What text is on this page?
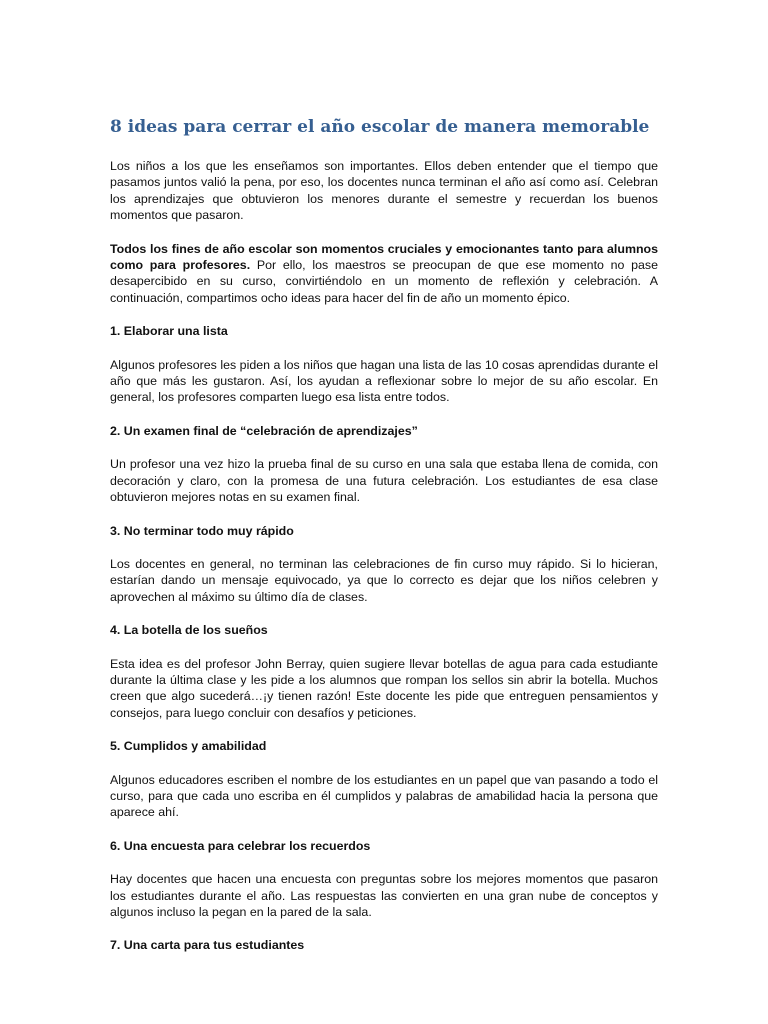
8 ideas para cerrar el año escolar de manera memorable

Los niños a los que les enseñamos son importantes. Ellos deben entender que el tiempo que pasamos juntos valió la pena, por eso, los docentes nunca terminan el año así como así. Celebran los aprendizajes que obtuvieron los menores durante el semestre y recuerdan los buenos momentos que pasaron.

Todos los fines de año escolar son momentos cruciales y emocionantes tanto para alumnos como para profesores. Por ello, los maestros se preocupan de que ese momento no pase desapercibido en su curso, convirtiéndolo en un momento de reflexión y celebración. A continuación, compartimos ocho ideas para hacer del fin de año un momento épico.

1. Elaborar una lista

Algunos profesores les piden a los niños que hagan una lista de las 10 cosas aprendidas durante el año que más les gustaron. Así, los ayudan a reflexionar sobre lo mejor de su año escolar. En general, los profesores comparten luego esa lista entre todos.

2. Un examen final de “celebración de aprendizajes”

Un profesor una vez hizo la prueba final de su curso en una sala que estaba llena de comida, con decoración y claro, con la promesa de una futura celebración. Los estudiantes de esa clase obtuvieron mejores notas en su examen final.

3. No terminar todo muy rápido

Los docentes en general, no terminan las celebraciones de fin curso muy rápido. Si lo hicieran, estarían dando un mensaje equivocado, ya que lo correcto es dejar que los niños celebren y aprovechen al máximo su último día de clases.

4. La botella de los sueños

Esta idea es del profesor John Berray, quien sugiere llevar botellas de agua para cada estudiante durante la última clase y les pide a los alumnos que rompan los sellos sin abrir la botella. Muchos creen que algo sucederá…¡y tienen razón! Este docente les pide que entreguen pensamientos y consejos, para luego concluir con desafíos y peticiones.

5. Cumplidos y amabilidad

Algunos educadores escriben el nombre de los estudiantes en un papel que van pasando a todo el curso, para que cada uno escriba en él cumplidos y palabras de amabilidad hacia la persona que aparece ahí.

6. Una encuesta para celebrar los recuerdos

Hay docentes que hacen una encuesta con preguntas sobre los mejores momentos que pasaron los estudiantes durante el año. Las respuestas las convierten en una gran nube de conceptos y algunos incluso la pegan en la pared de la sala.

7. Una carta para tus estudiantes
